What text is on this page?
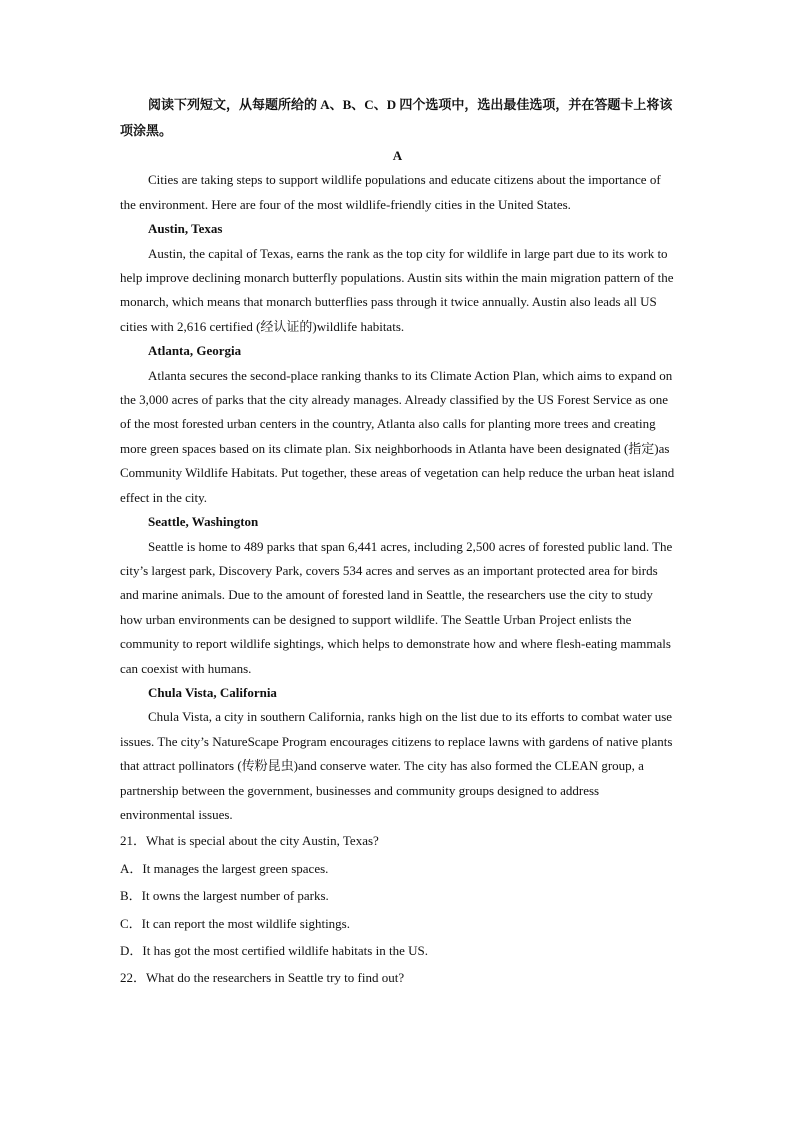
阅读下列短文，从每题所给的 A、B、C、D 四个选项中，选出最佳选项，并在答题卡上将该项涂黑。

A

Cities are taking steps to support wildlife populations and educate citizens about the importance of the environment. Here are four of the most wildlife-friendly cities in the United States.

Austin, Texas

Austin, the capital of Texas, earns the rank as the top city for wildlife in large part due to its work to help improve declining monarch butterfly populations. Austin sits within the main migration pattern of the monarch, which means that monarch butterflies pass through it twice annually. Austin also leads all US cities with 2,616 certified (经认证的)wildlife habitats.

Atlanta, Georgia

Atlanta secures the second-place ranking thanks to its Climate Action Plan, which aims to expand on the 3,000 acres of parks that the city already manages. Already classified by the US Forest Service as one of the most forested urban centers in the country, Atlanta also calls for planting more trees and creating more green spaces based on its climate plan. Six neighborhoods in Atlanta have been designated (指定)as Community Wildlife Habitats. Put together, these areas of vegetation can help reduce the urban heat island effect in the city.

Seattle, Washington

Seattle is home to 489 parks that span 6,441 acres, including 2,500 acres of forested public land. The city’s largest park, Discovery Park, covers 534 acres and serves as an important protected area for birds and marine animals. Due to the amount of forested land in Seattle, the researchers use the city to study how urban environments can be designed to support wildlife. The Seattle Urban Project enlists the community to report wildlife sightings, which helps to demonstrate how and where flesh-eating mammals can coexist with humans.

Chula Vista, California

Chula Vista, a city in southern California, ranks high on the list due to its efforts to combat water use issues. The city’s NatureScape Program encourages citizens to replace lawns with gardens of native plants that attract pollinators (传粉昆虫)and conserve water. The city has also formed the CLEAN group, a partnership between the government, businesses and community groups designed to address environmental issues.

21．What is special about the city Austin, Texas?

A．It manages the largest green spaces.

B．It owns the largest number of parks.

C．It can report the most wildlife sightings.

D．It has got the most certified wildlife habitats in the US.

22．What do the researchers in Seattle try to find out?
